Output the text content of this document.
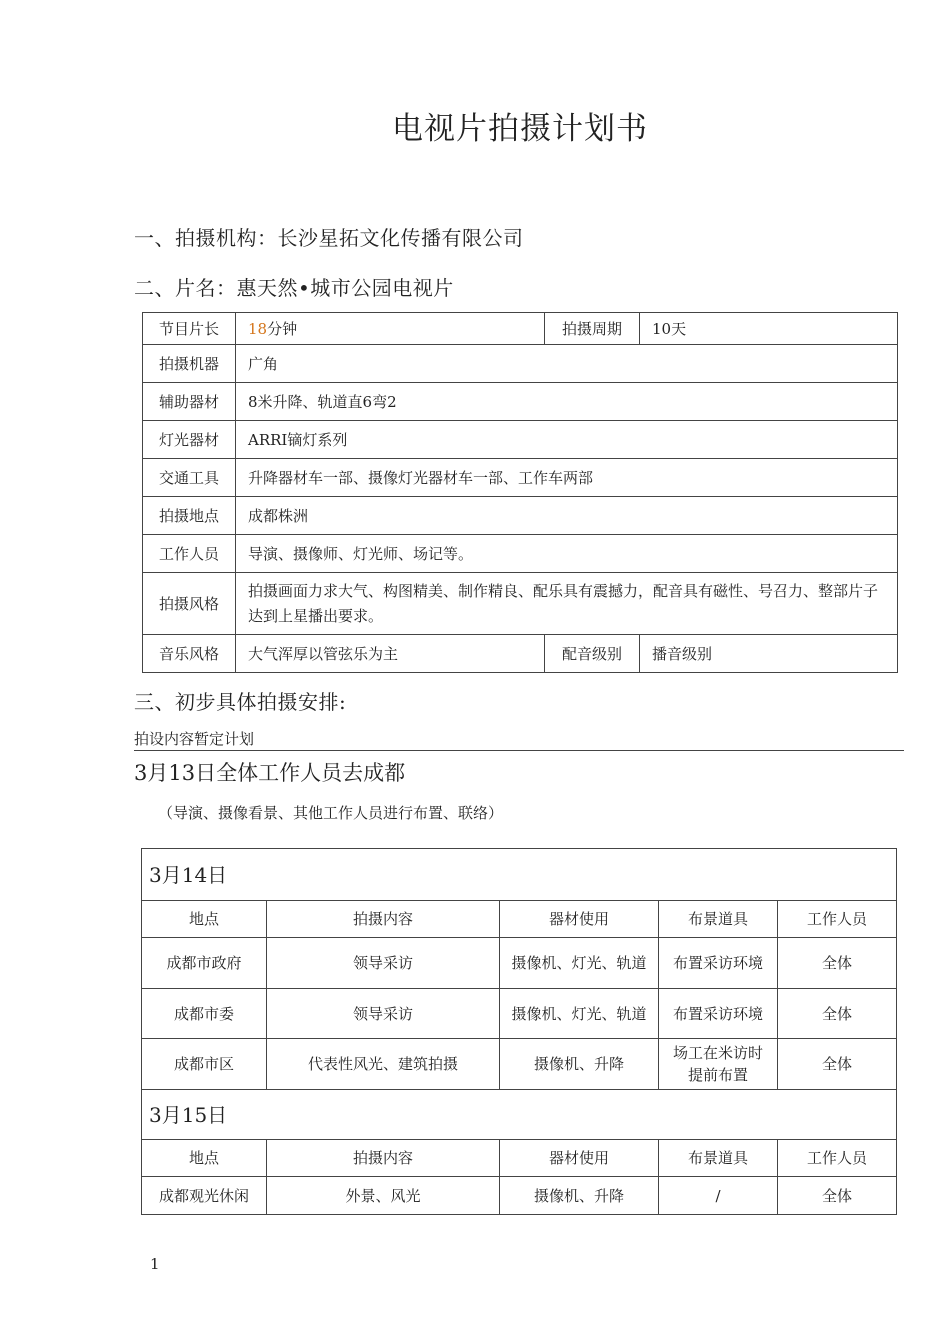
电视片拍摄计划书
一、拍摄机构：长沙星拓文化传播有限公司
二、片名：惠天然•城市公园电视片
节目片长	18分钟	拍摄周期	10天
拍摄机器	广角		
辅助器材	8米升降、轨道直6弯2		
灯光器材	ARRI镝灯系列		
交通工具	升降器材车一部、摄像灯光器材车一部、工作车两部		
拍摄地点	成都株洲		
工作人员	导演、摄像师、灯光师、场记等。		
拍摄风格	拍摄画面力求大气、构图精美、制作精良、配乐具有震撼力，配音具有磁性、号召力、整部片子达到上星播出要求。		
音乐风格	大气浑厚以管弦乐为主	配音级别	播音级别
三、初步具体拍摄安排:
拍设内容暂定计划
3月13日全体工作人员去成都
（导演、摄像看景、其他工作人员进行布置、联络）
3月14日				
地点	拍摄内容	器材使用	布景道具	工作人员
成都市政府	领导采访	摄像机、灯光、轨道	布置采访环境	全体
成都市委	领导采访	摄像机、灯光、轨道	布置采访环境	全体
成都市区	代表性风光、建筑拍摄	摄像机、升降	场工在米访时提前布置	全体
3月15日				
地点	拍摄内容	器材使用	布景道具	工作人员
成都观光休闲	外景、风光	摄像机、升降	/	全体
1
